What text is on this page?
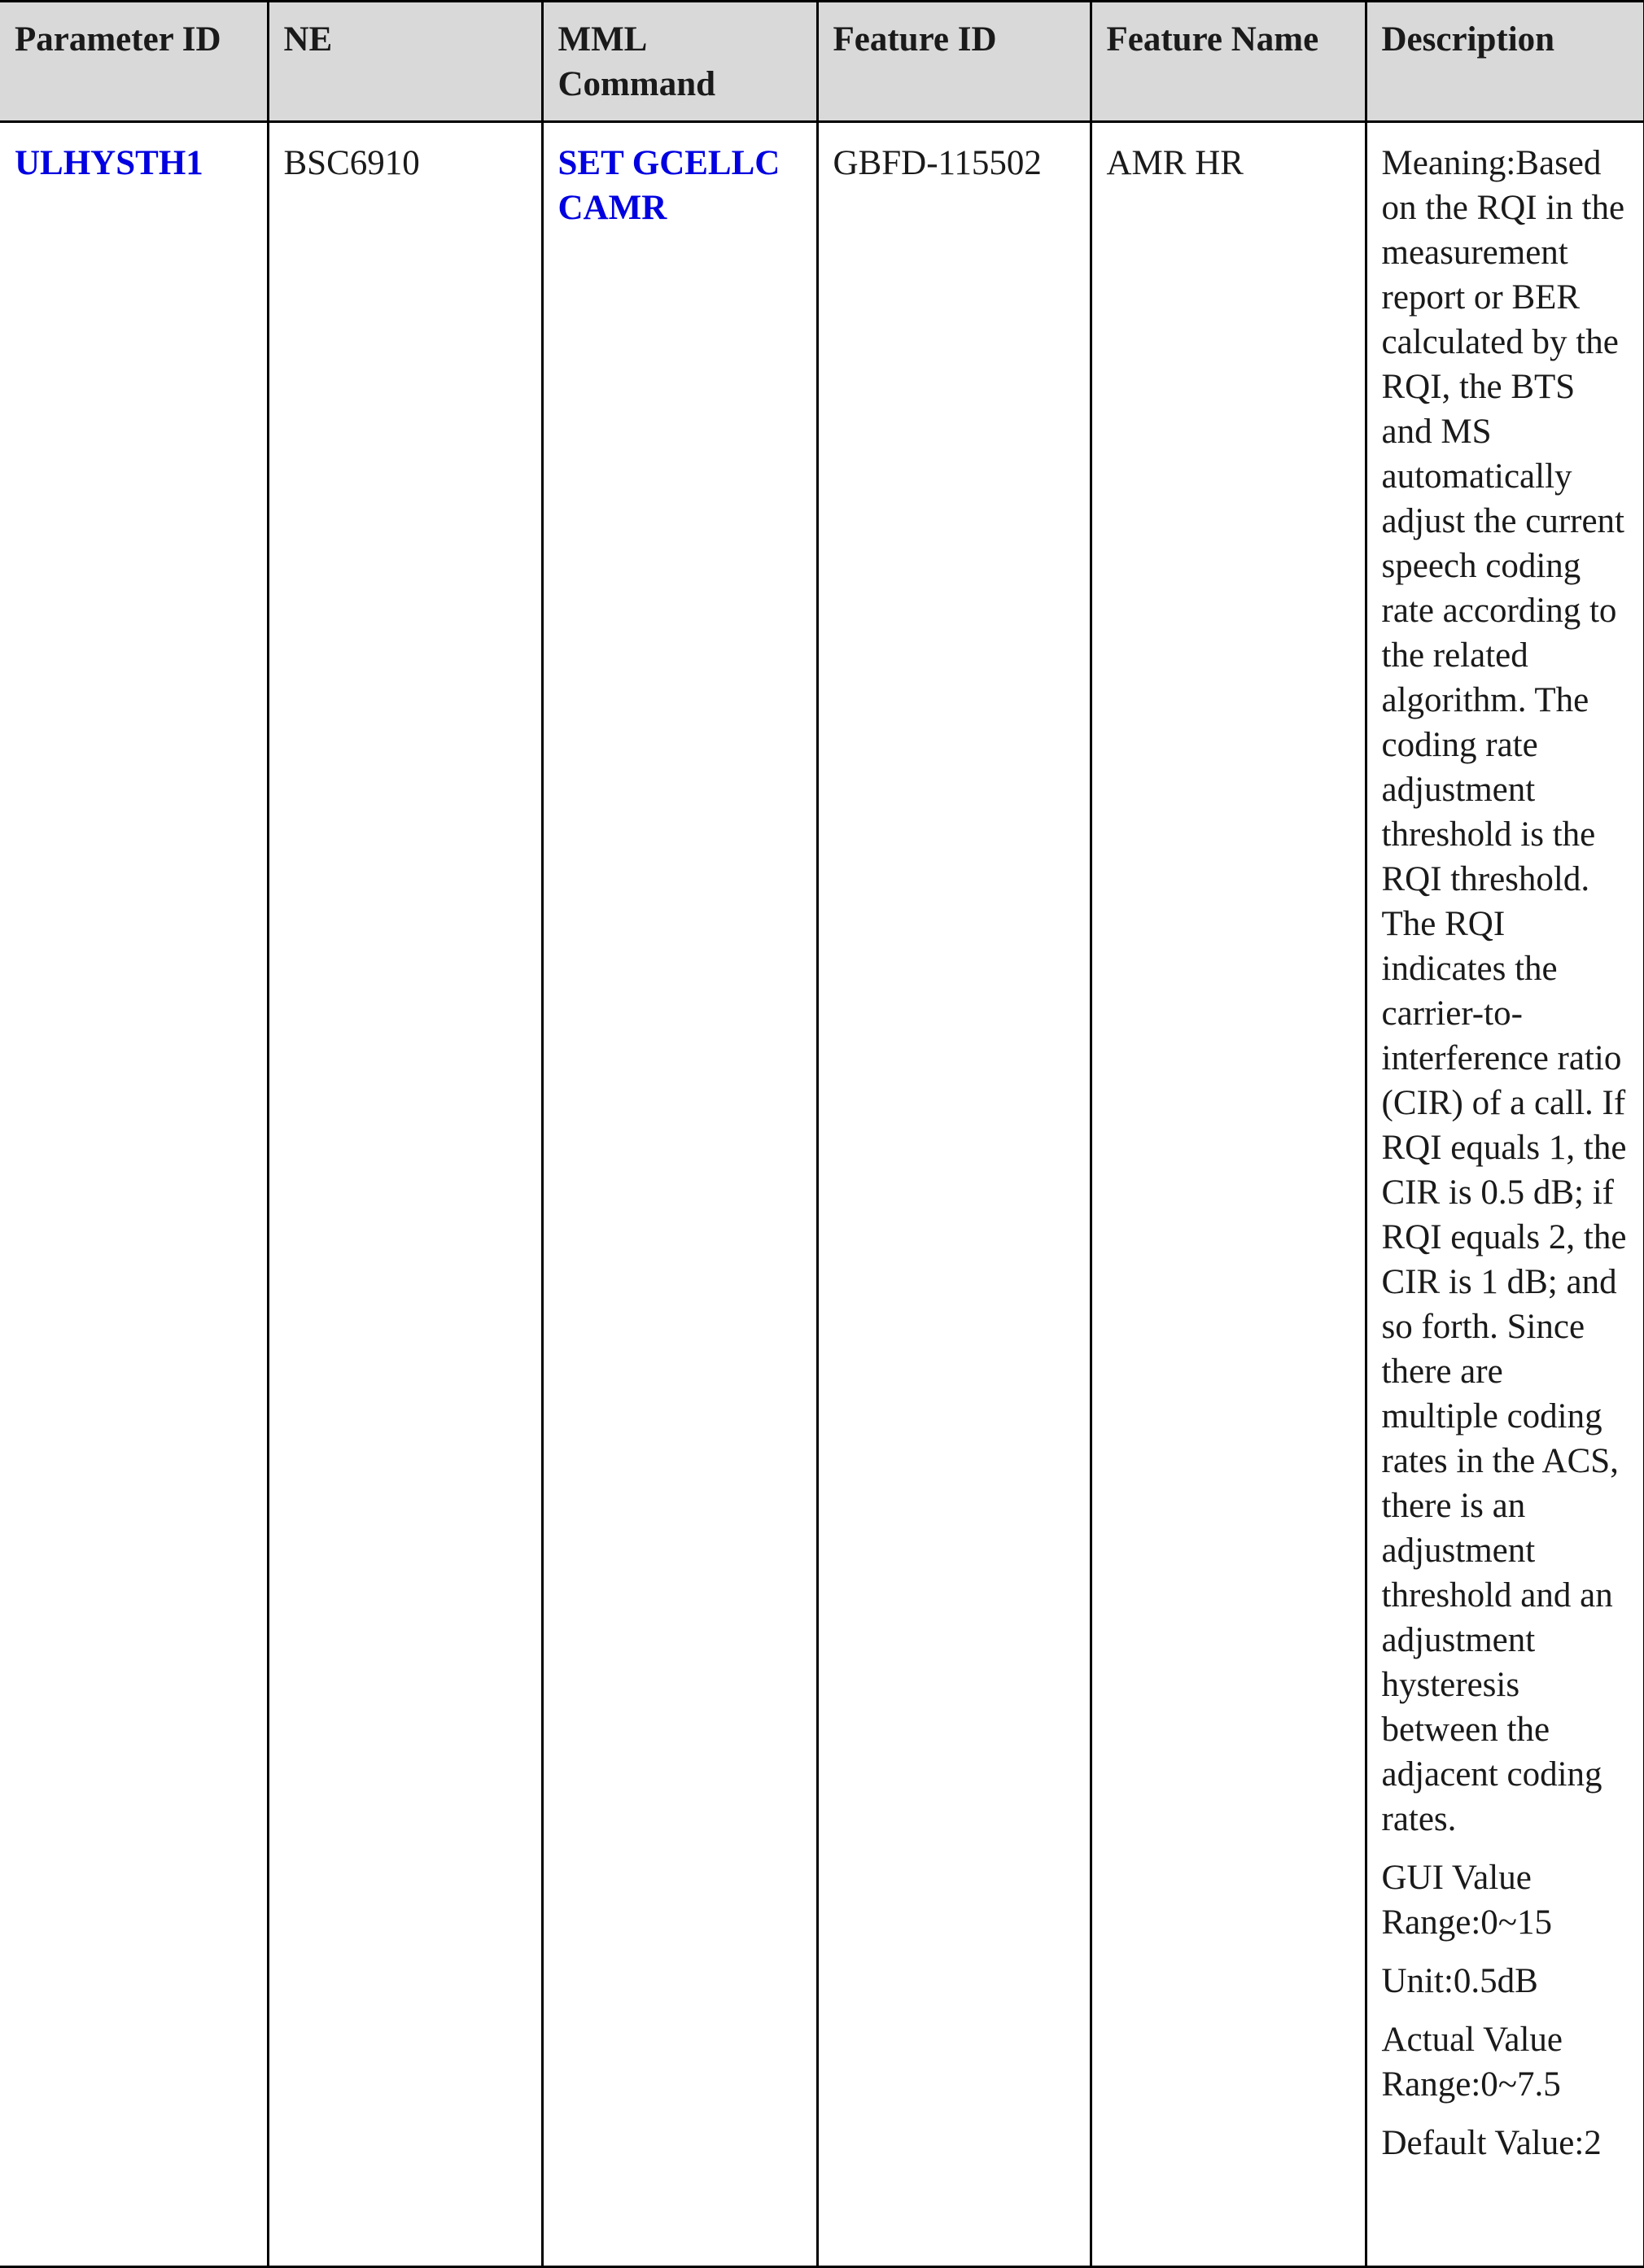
Parameter ID	NE	MML Command	Feature ID	Feature Name	Description
ULHYSTH1	BSC6910	SET GCELLCCAMR	GBFD-115502	AMR HR	Meaning:Based on the RQI in the measurement report or BER calculated by the RQI, the BTS and MS automatically adjust the current speech coding rate according to the related algorithm. The coding rate adjustment threshold is the RQI threshold. The RQI indicates the carrier-to-interference ratio (CIR) of a call. If RQI equals 1, the CIR is 0.5 dB; if RQI equals 2, the CIR is 1 dB; and so forth. Since there are multiple coding rates in the ACS, there is an adjustment threshold and an adjustment hysteresis between the adjacent coding rates.

GUI Value Range:0~15

Unit:0.5dB

Actual Value Range:0~7.5

Default Value:2
